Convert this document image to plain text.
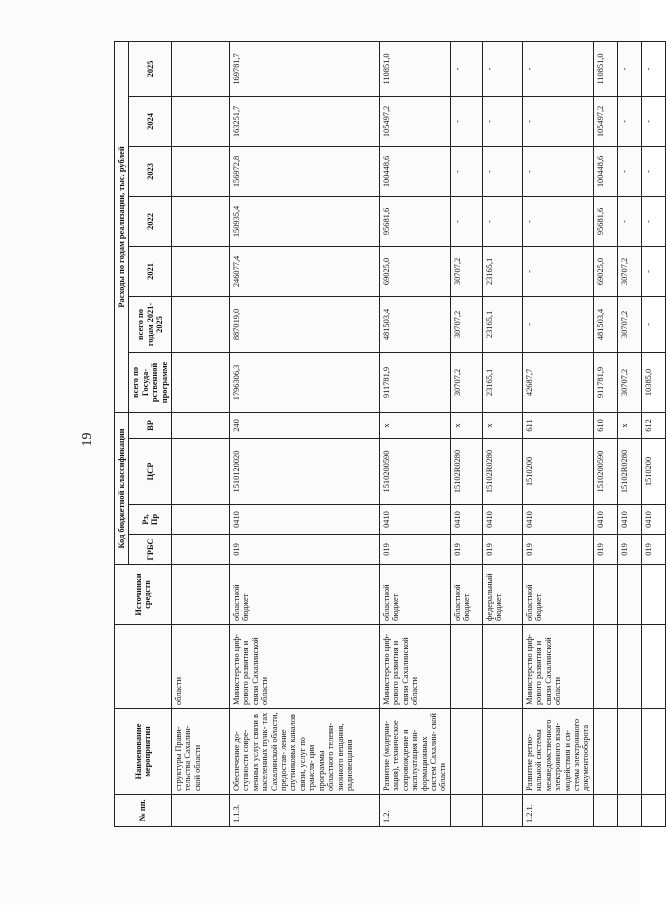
19
№ пп.	Наименование мероприятия		Источники средств	Код бюджетной классификации				Расходы по годам реализации, тыс. рублей						
				ГРБС	Рз, Пр	ЦСР	ВР	всего по Госуда- рственной программе	всего по годам 2021-2025	2021	2022	2023	2024	2025
	структуры Прави- тельства Сахалин- ской области	области												
1.1.3.	Обеспечение до- ступности совре- менных услуг связи в населенных пунк- тах Сахалинской области, предостав- ление спутниковых каналов связи, услуг по трансля- ции программы областного телеви- зионного вещания, радиовещания	Министерство циф- рового развития и связи Сахалинской области	областной бюджет	019	0410	1510120020	240	1796306,3	887019,0	246077,4	150935,4	156972,8	163251,7	169781,7
1.2.	Развитие (модерни- зация), техническое сопровождение и эксплуатация ин- формационных систем Сахалин- ской области	Министерство циф- рового развития и связи Сахалинской области	областной бюджет	019	0410	1510200590	х	911781,9	481503,4	69025,0	95681,6	100448,6	105497,2	110851,0
			областной бюджет	019	0410	15102R0280	х	30707,2	30707,2	30707,2	-	-	-	-
			федеральный бюджет	019	0410	15102R0280	х	23165,1	23165,1	23165,1	-	-	-	-
1.2.1.	Развитие регио- нальной системы межведомственного электронного взаи- модействия и си- стемы электронного документооборота	Министерство циф- рового развития и связи Сахалинской области	областной бюджет	019	0410	1510200	611	42687,7	-	-	-	-	-	-
				019	0410	1510200590	610	911781,9	481503,4	69025,0	95681,6	100448,6	105497,2	110851,0
				019	0410	15102R0280	х	30707,2	30707,2	30707,2	-	-	-	-
				019	0410	1510200	612	10385,0	-	-	-	-	-	-
